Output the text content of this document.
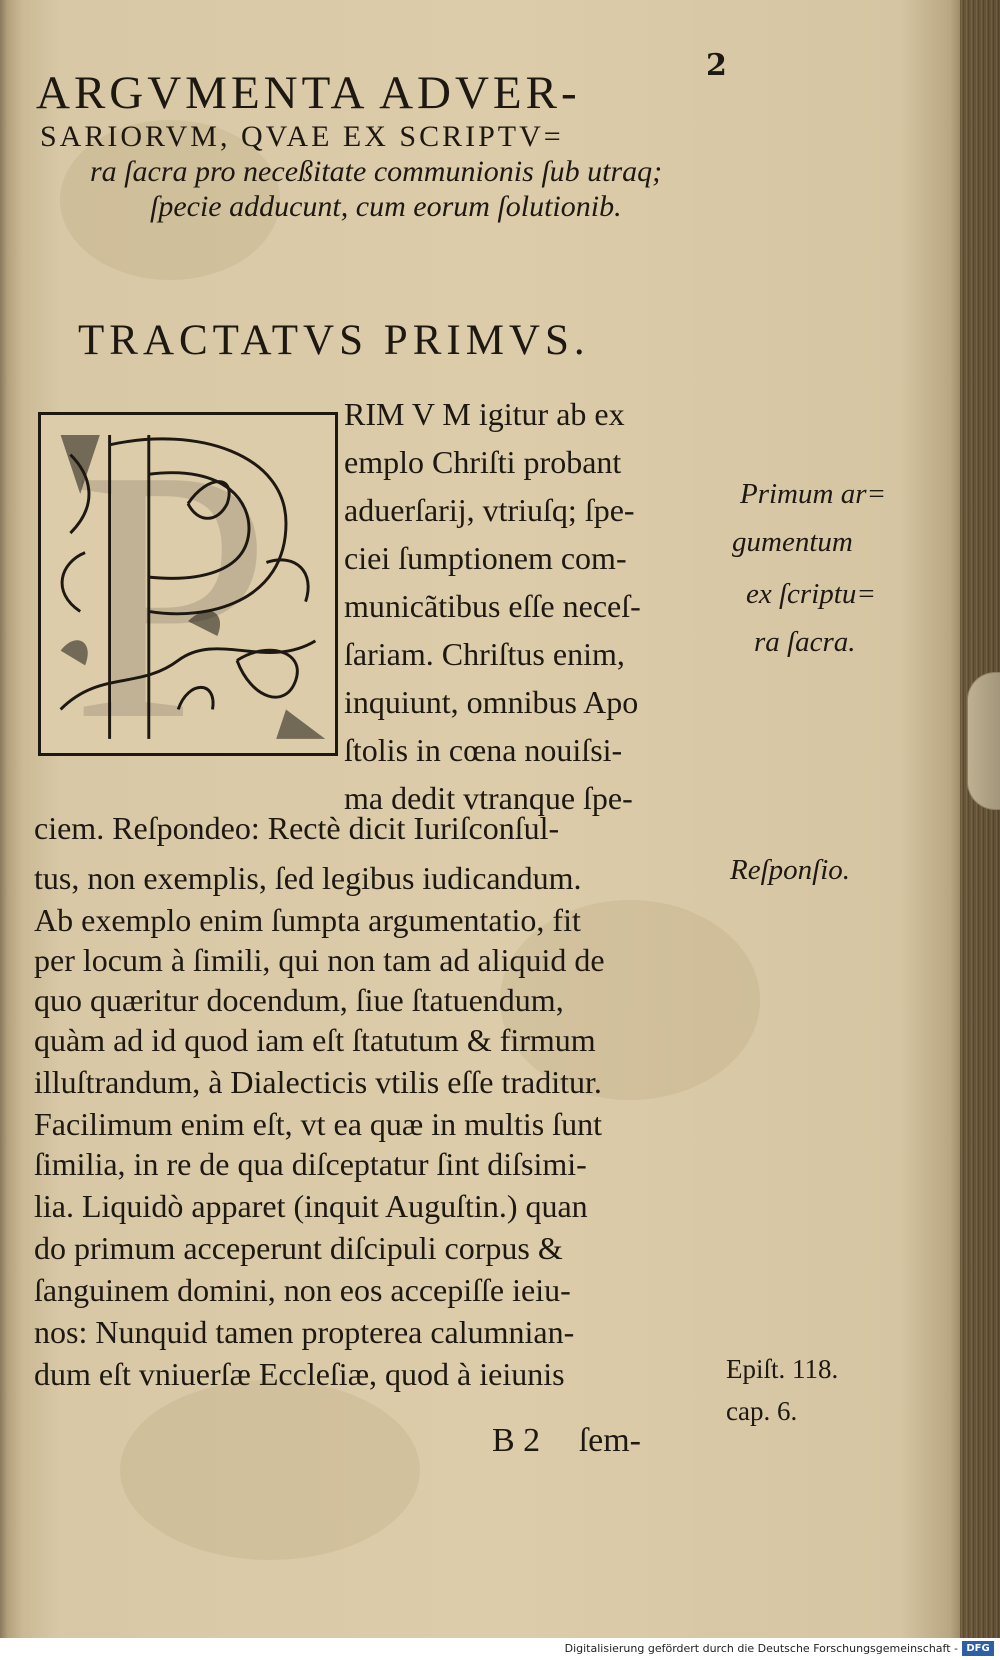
2
ARGVMENTA ADVER-
SARIORVM, QVAE EX SCRIPTV=
ra ſacra pro neceßitate communionis ſub utraq;
ſpecie adducunt, cum eorum ſolutionib.
TRACTATVS PRIMVS.
P RIM V M igitur ab ex
emplo Chriſti probant
aduerſarij, vtriuſq; ſpe-
ciei ſumptionem com-
municãtibus eſſe neceſ-
ſariam. Chriſtus enim,
inquiunt, omnibus Apo
ſtolis in cœna nouiſsi-
ma dedit vtranque ſpe-
ciem. Reſpondeo: Rectè dicit Iuriſconſul-
tus, non exemplis, ſed legibus iudicandum.
Ab exemplo enim ſumpta argumentatio, fit
per locum à ſimili, qui non tam ad aliquid de
quo quæritur docendum, ſiue ſtatuendum,
quàm ad id quod iam eſt ſtatutum & firmum
illuſtrandum, à Dialecticis vtilis eſſe traditur.
Facilimum enim eſt, vt ea quæ in multis ſunt
ſimilia, in re de qua diſceptatur ſint diſsimi-
lia. Liquidò apparet (inquit Auguſtin.) quan
do primum acceperunt diſcipuli corpus &
ſanguinem domini, non eos accepiſſe ieiu-
nos: Nunquid tamen propterea calumnian-
dum eſt vniuerſæ Eccleſiæ, quod à ieiunis
Primum ar=
gumentum
ex ſcriptu=
ra ſacra.
Reſponſio.
Epiſt. 118.
cap. 6.
B 2 ſem-
Digitalisierung gefördert durch die Deutsche Forschungsgemeinschaft - DFG
